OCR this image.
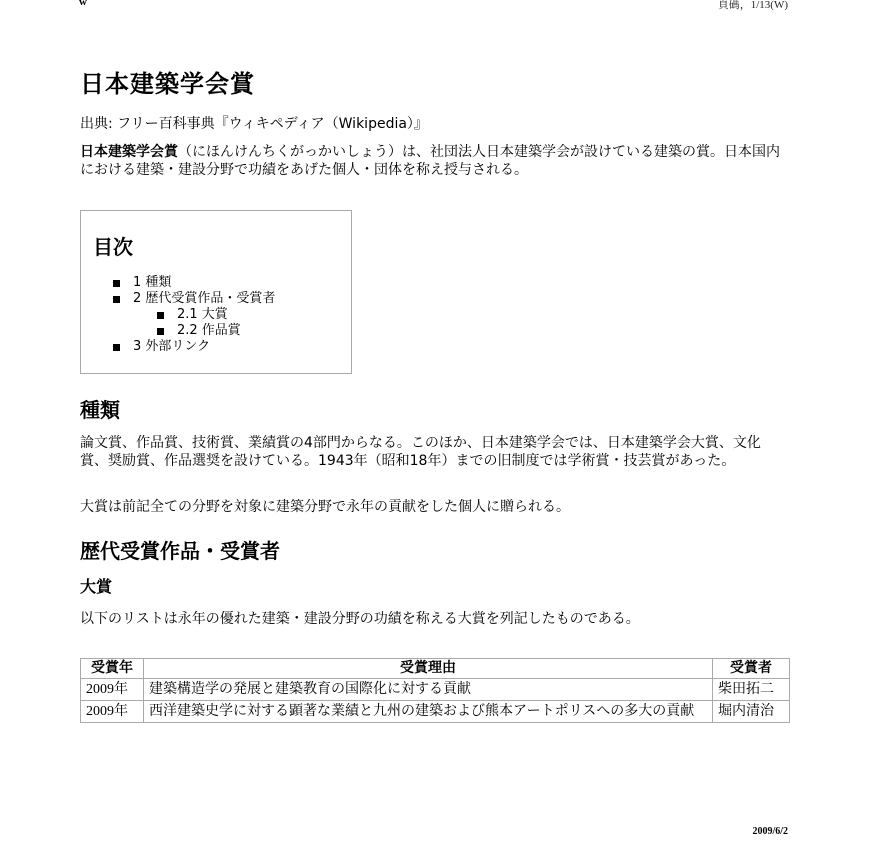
w	頁碼，1/13(W)
日本建築学会賞

出典: フリー百科事典『ウィキペディア（Wikipedia）』

日本建築学会賞（にほんけんちくがっかいしょう）は、社団法人日本建築学会が設けている建築の賞。日本国内における建築・建設分野で功績をあげた個人・団体を称え授与される。

目次
1 種類
2 歴代受賞作品・受賞者
2.1 大賞
2.2 作品賞
3 外部リンク
種類

論文賞、作品賞、技術賞、業績賞の4部門からなる。このほか、日本建築学会では、日本建築学会大賞、文化賞、奨励賞、作品選奨を設けている。1943年（昭和18年）までの旧制度では学術賞・技芸賞があった。

大賞は前記全ての分野を対象に建築分野で永年の貢献をした個人に贈られる。

歴代受賞作品・受賞者
大賞

以下のリストは永年の優れた建築・建設分野の功績を称える大賞を列記したものである。

受賞年	受賞理由	受賞者
2009年	建築構造学の発展と建築教育の国際化に対する貢献	柴田拓二
2009年	西洋建築史学に対する顕著な業績と九州の建築および熊本アートポリスへの多大の貢献	堀内清治
2009/6/2
